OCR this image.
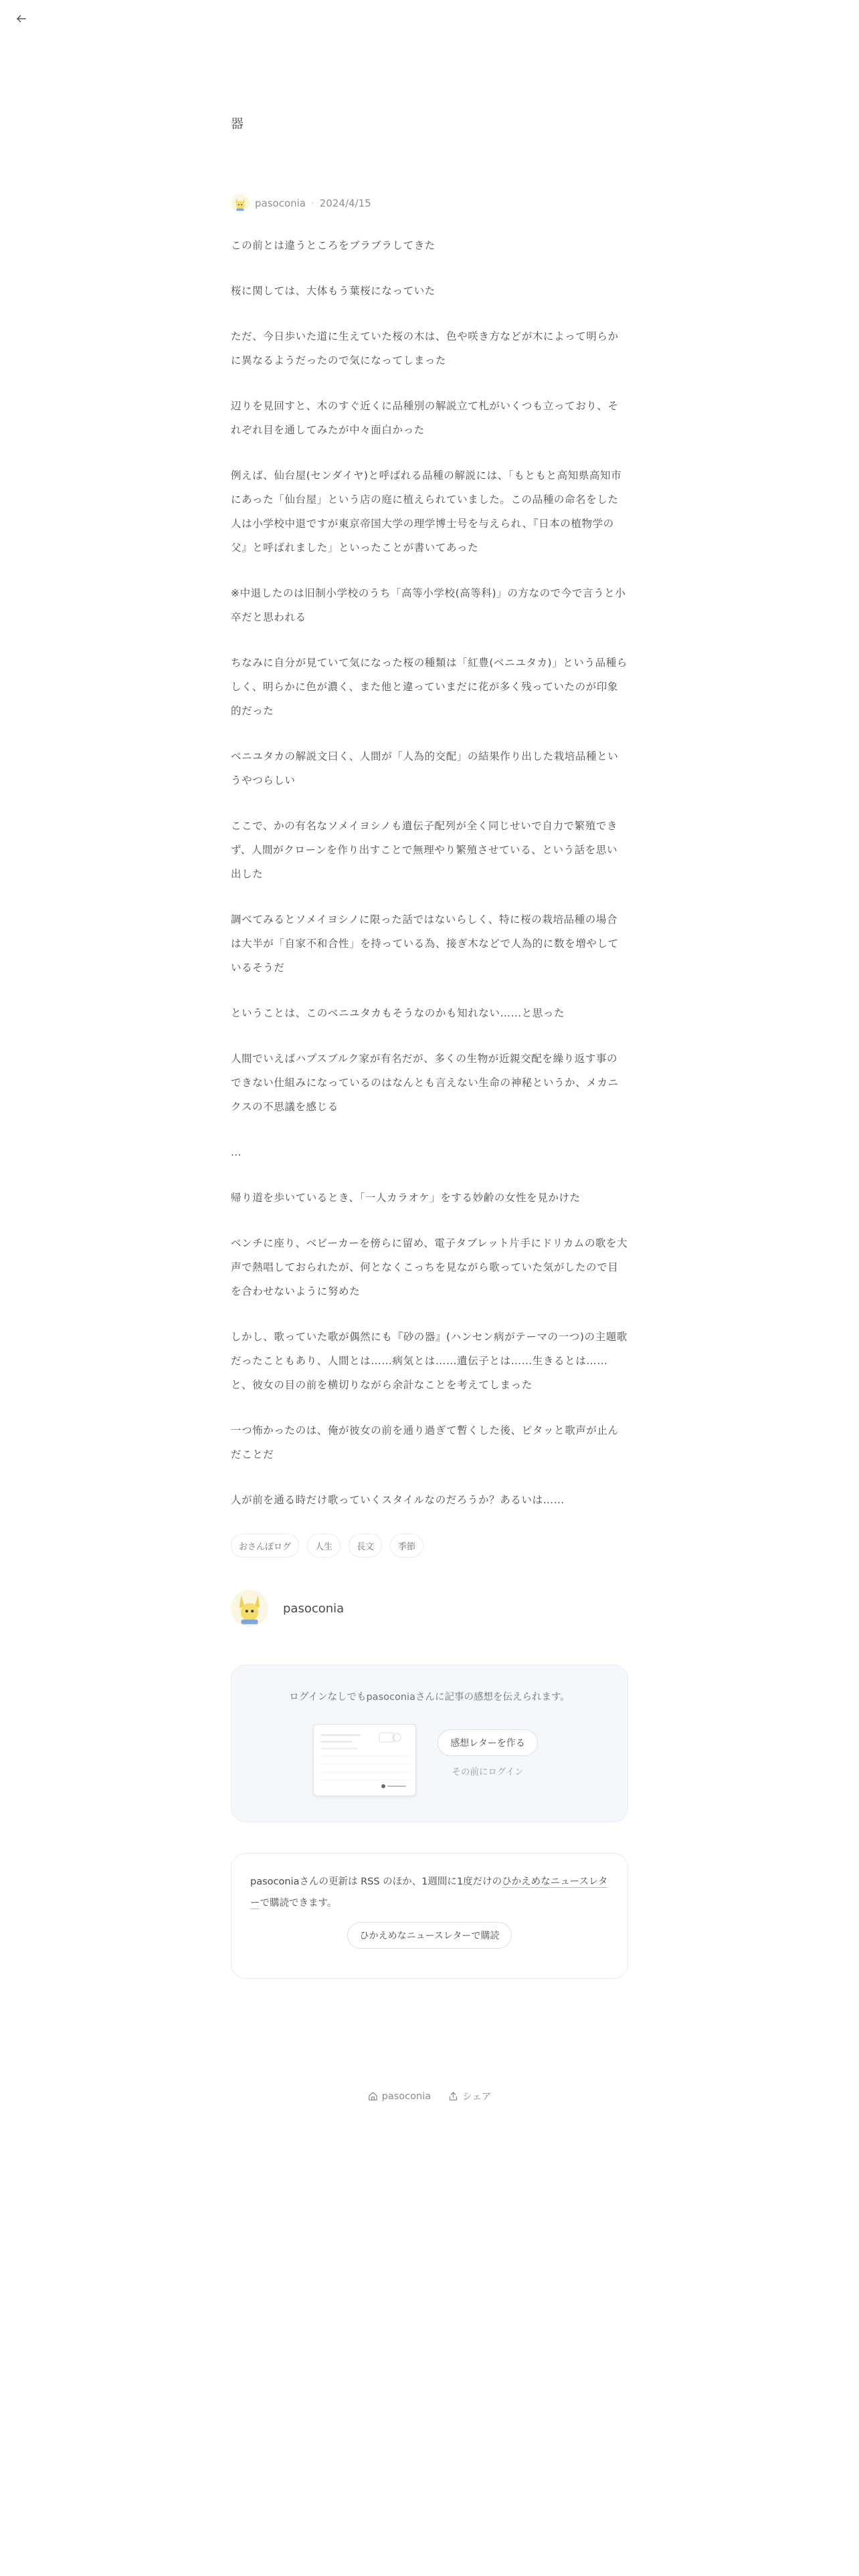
器
pasoconia · 2024/4/15

この前とは違うところをブラブラしてきた

桜に関しては、大体もう葉桜になっていた

ただ、今日歩いた道に生えていた桜の木は、色や咲き方などが木によって明らかに異なるようだったので気になってしまった

辺りを見回すと、木のすぐ近くに品種別の解説立て札がいくつも立っており、それぞれ目を通してみたが中々面白かった

例えば、仙台屋(センダイヤ)と呼ばれる品種の解説には、「もともと高知県高知市にあった「仙台屋」という店の庭に植えられていました。この品種の命名をした人は小学校中退ですが東京帝国大学の理学博士号を与えられ、『日本の植物学の父』と呼ばれました」といったことが書いてあった

※中退したのは旧制小学校のうち「高等小学校(高等科)」の方なので今で言うと小卒だと思われる

ちなみに自分が見ていて気になった桜の種類は「紅豊(ベニユタカ)」という品種らしく、明らかに色が濃く、また他と違っていまだに花が多く残っていたのが印象的だった

ベニユタカの解説文曰く、人間が「人為的交配」の結果作り出した栽培品種というやつらしい

ここで、かの有名なソメイヨシノも遺伝子配列が全く同じせいで自力で繁殖できず、人間がクローンを作り出すことで無理やり繁殖させている、という話を思い出した

調べてみるとソメイヨシノに限った話ではないらしく、特に桜の栽培品種の場合は大半が「自家不和合性」を持っている為、接ぎ木などで人為的に数を増やしているそうだ

ということは、このベニユタカもそうなのかも知れない……と思った

人間でいえばハプスブルク家が有名だが、多くの生物が近親交配を繰り返す事のできない仕組みになっているのはなんとも言えない生命の神秘というか、メカニクスの不思議を感じる

…

帰り道を歩いているとき、「一人カラオケ」をする妙齢の女性を見かけた

ベンチに座り、ベビーカーを傍らに留め、電子タブレット片手にドリカムの歌を大声で熱唱しておられたが、何となくこっちを見ながら歌っていた気がしたので目を合わせないように努めた

しかし、歌っていた歌が偶然にも『砂の器』(ハンセン病がテーマの一つ)の主題歌だったこともあり、人間とは……病気とは……遺伝子とは……生きるとは……と、彼女の目の前を横切りながら余計なことを考えてしまった

一つ怖かったのは、俺が彼女の前を通り過ぎて暫くした後、ピタッと歌声が止んだことだ

人が前を通る時だけ歌っていくスタイルなのだろうか？あるいは……

おさんぽログ	人生	長文	季節
pasoconia
ログインなしでもpasoconiaさんに記事の感想を伝えられます。
感想レターを作る
その前にログイン

pasoconiaさんの更新は RSS のほか、1週間に1度だけのひかえめなニュースレターで購読できます。

ひかえめなニュースレターで購読
pasoconia	シェア
